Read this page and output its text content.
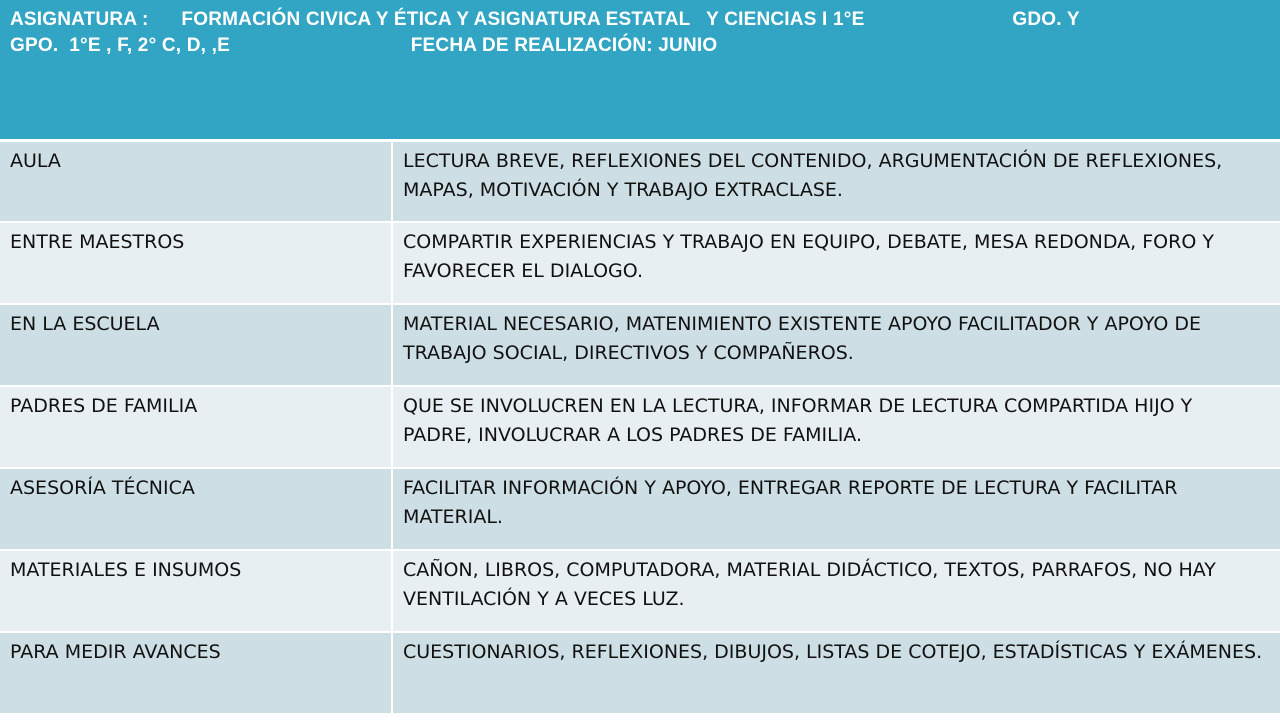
ASIGNATURA :      FORMACIÓN CIVICA Y ÉTICA Y ASIGNATURA ESTATAL   Y CIENCIAS I 1°E                           GDO. Y
GPO.  1°E , F, 2° C, D, ,E                                 FECHA DE REALIZACIÓN: JUNIO	

AULA	LECTURA BREVE, REFLEXIONES DEL CONTENIDO, ARGUMENTACIÓN DE REFLEXIONES, MAPAS, MOTIVACIÓN Y TRABAJO EXTRACLASE.
ENTRE MAESTROS	COMPARTIR EXPERIENCIAS Y TRABAJO EN EQUIPO, DEBATE, MESA REDONDA, FORO Y FAVORECER EL DIALOGO.
EN LA ESCUELA	MATERIAL NECESARIO, MATENIMIENTO EXISTENTE APOYO FACILITADOR Y APOYO DE TRABAJO SOCIAL, DIRECTIVOS Y COMPAÑEROS.
PADRES DE FAMILIA	QUE SE INVOLUCREN EN LA LECTURA, INFORMAR DE LECTURA COMPARTIDA HIJO Y PADRE, INVOLUCRAR A LOS PADRES DE FAMILIA.
ASESORÍA TÉCNICA	FACILITAR INFORMACIÓN Y APOYO, ENTREGAR REPORTE DE LECTURA Y FACILITAR MATERIAL.
MATERIALES E INSUMOS	CAÑON, LIBROS, COMPUTADORA, MATERIAL DIDÁCTICO, TEXTOS, PARRAFOS, NO HAY VENTILACIÓN Y A VECES LUZ.
PARA MEDIR AVANCES	CUESTIONARIOS, REFLEXIONES, DIBUJOS, LISTAS DE COTEJO, ESTADÍSTICAS Y EXÁMENES.
